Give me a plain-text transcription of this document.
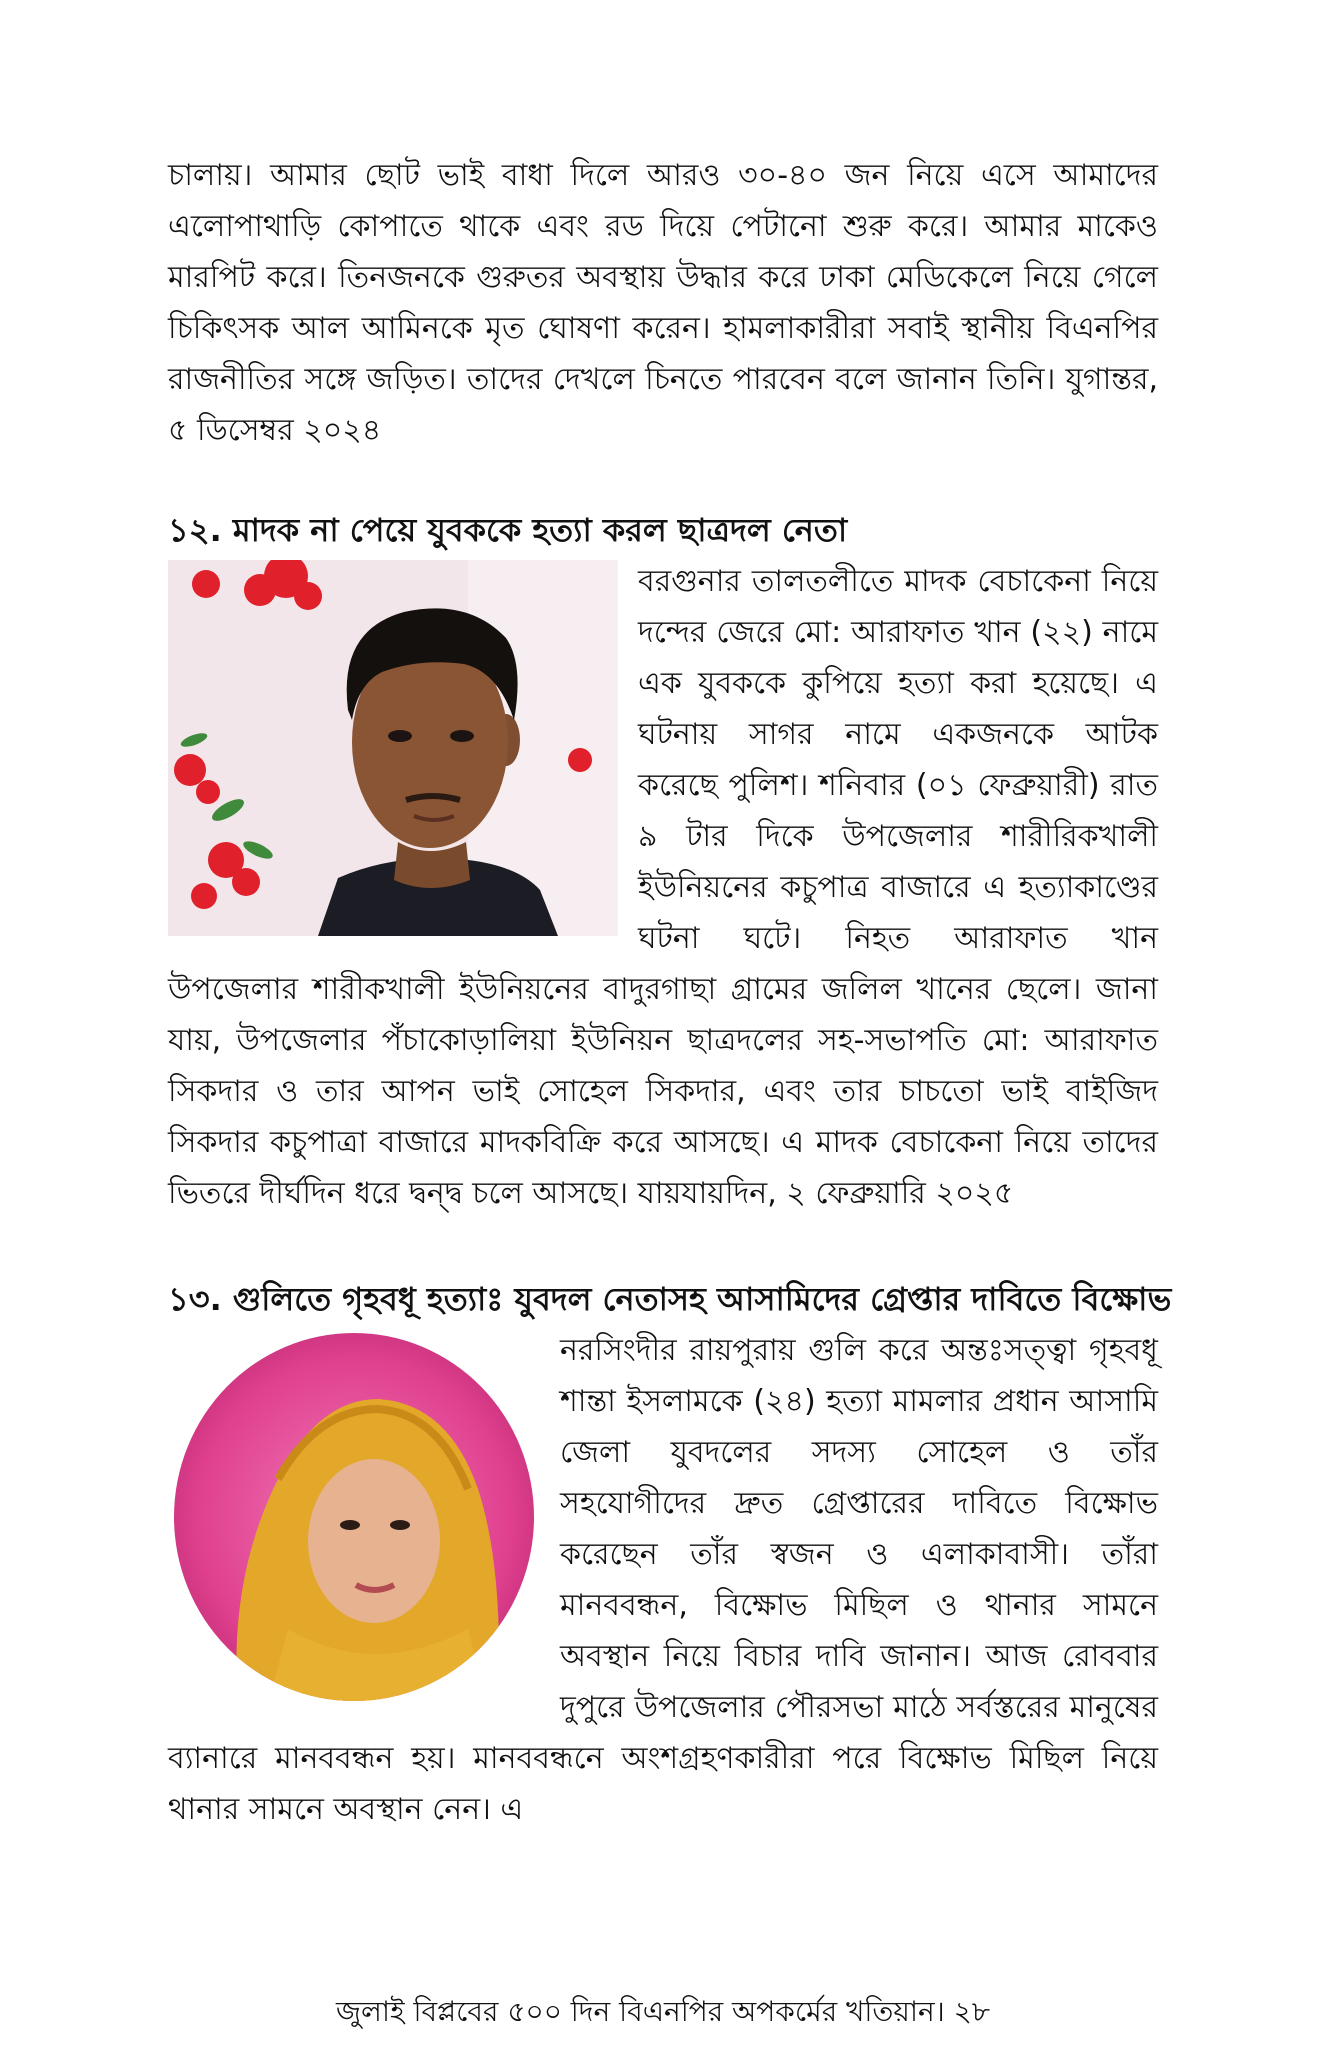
চালায়। আমার ছোট ভাই বাধা দিলে আরও ৩০-৪০ জন নিয়ে এসে আমাদের এলোপাথাড়ি কোপাতে থাকে এবং রড দিয়ে পেটানো শুরু করে। আমার মাকেও মারপিট করে। তিনজনকে গুরুতর অবস্থায় উদ্ধার করে ঢাকা মেডিকেলে নিয়ে গেলে চিকিৎসক আল আমিনকে মৃত ঘোষণা করেন। হামলাকারীরা সবাই স্থানীয় বিএনপির রাজনীতির সঙ্গে জড়িত। তাদের দেখলে চিনতে পারবেন বলে জানান তিনি। যুগান্তর, ৫ ডিসেম্বর ২০২৪

১২. মাদক না পেয়ে যুবককে হত্যা করল ছাত্রদল নেতা

বরগুনার তালতলীতে মাদক বেচাকেনা নিয়ে দন্দের জেরে মো: আরাফাত খান (২২) নামে এক যুবককে কুপিয়ে হত্যা করা হয়েছে। এ ঘটনায় সাগর নামে একজনকে আটক করেছে পুলিশ। শনিবার (০১ ফেব্রুয়ারী) রাত ৯ টার দিকে উপজেলার শারীরিকখালী ইউনিয়নের কচুপাত্র বাজারে এ হত্যাকাণ্ডের ঘটনা ঘটে। নিহত আরাফাত খান উপজেলার শারীকখালী ইউনিয়নের বাদুরগাছা গ্রামের জলিল খানের ছেলে। জানা যায়, উপজেলার পঁচাকোড়ালিয়া ইউনিয়ন ছাত্রদলের সহ-সভাপতি মো: আরাফাত সিকদার ও তার আপন ভাই সোহেল সিকদার, এবং তার চাচতো ভাই বাইজিদ সিকদার কচুপাত্রা বাজারে মাদকবিক্রি করে আসছে। এ মাদক বেচাকেনা নিয়ে তাদের ভিতরে দীর্ঘদিন ধরে দ্বন্দ্ব চলে আসছে। যায়যায়দিন, ২ ফেব্রুয়ারি ২০২৫

১৩. গুলিতে গৃহবধূ হত্যাঃ যুবদল নেতাসহ আসামিদের গ্রেপ্তার দাবিতে বিক্ষোভ

নরসিংদীর রায়পুরায় গুলি করে অন্তঃসত্ত্বা গৃহবধূ শান্তা ইসলামকে (২৪) হত্যা মামলার প্রধান আসামি জেলা যুবদলের সদস্য সোহেল ও তাঁর সহযোগীদের দ্রুত গ্রেপ্তারের দাবিতে বিক্ষোভ করেছেন তাঁর স্বজন ও এলাকাবাসী। তাঁরা মানববন্ধন, বিক্ষোভ মিছিল ও থানার সামনে অবস্থান নিয়ে বিচার দাবি জানান। আজ রোববার দুপুরে উপজেলার পৌরসভা মাঠে সর্বস্তরের মানুষের ব্যানারে মানববন্ধন হয়। মানববন্ধনে অংশগ্রহণকারীরা পরে বিক্ষোভ মিছিল নিয়ে থানার সামনে অবস্থান নেন। এ

জুলাই বিপ্লবের ৫০০ দিন বিএনপির অপকর্মের খতিয়ান। ২৮
